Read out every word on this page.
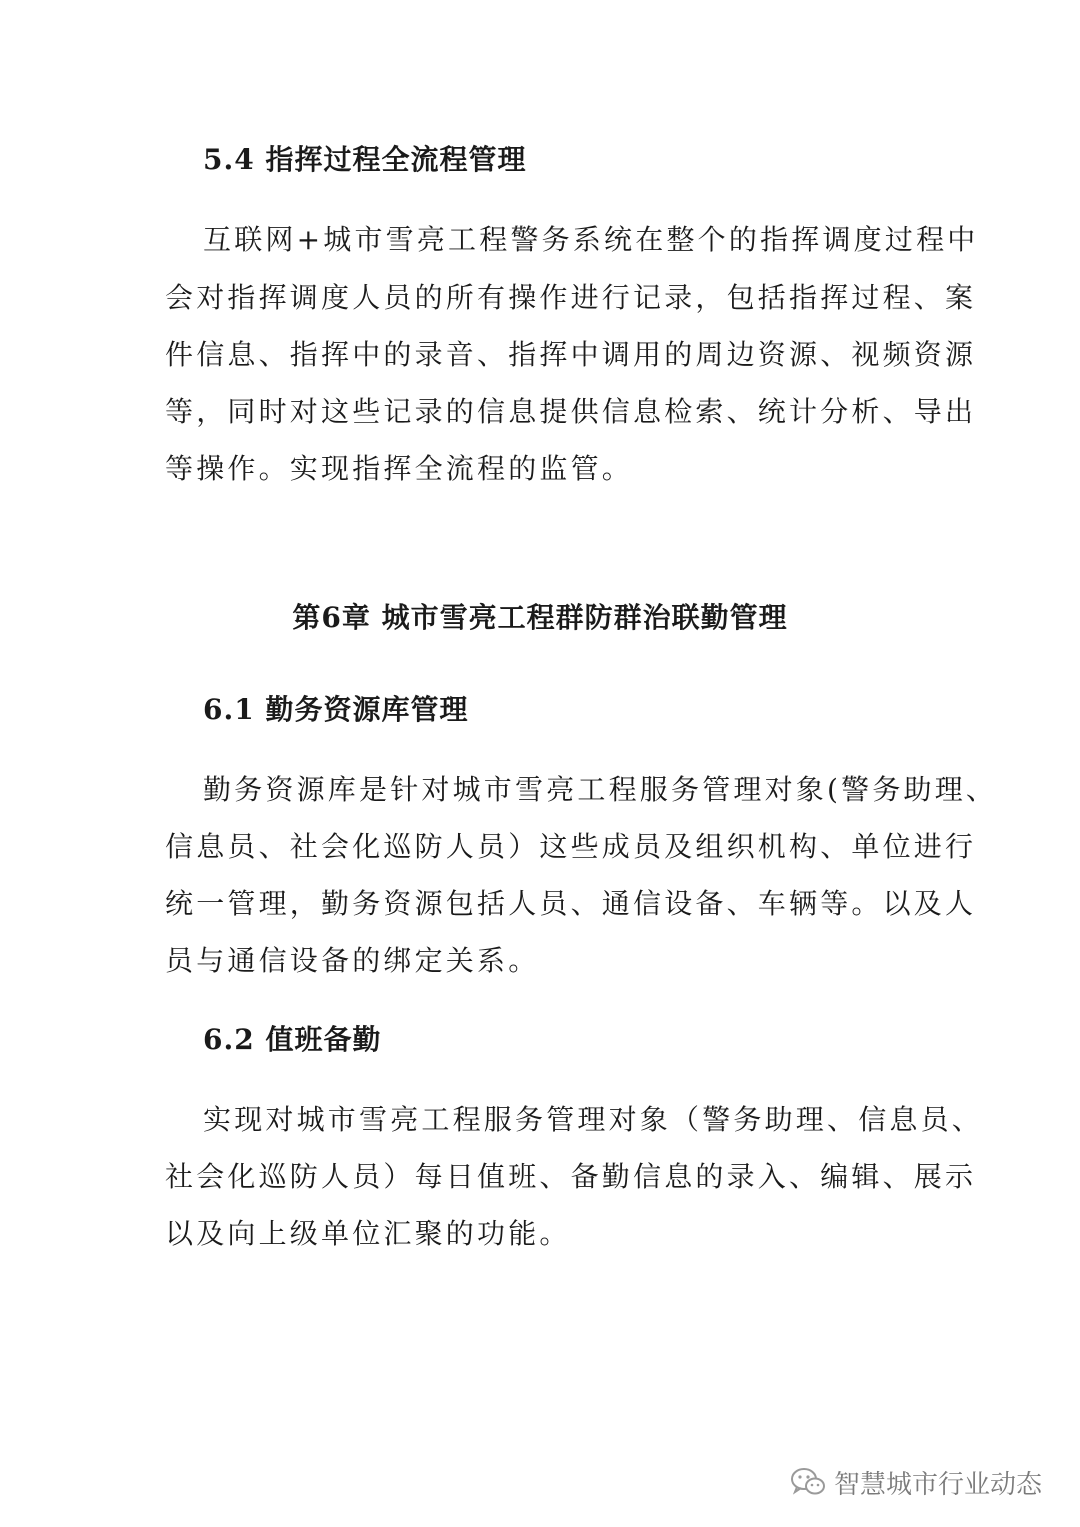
5.4 指挥过程全流程管理
互联网+城市雪亮工程警务系统在整个的指挥调度过程中
会对指挥调度人员的所有操作进行记录，包括指挥过程、案
件信息、指挥中的录音、指挥中调用的周边资源、视频资源
等，同时对这些记录的信息提供信息检索、统计分析、导出
等操作。实现指挥全流程的监管。
第6章 城市雪亮工程群防群治联勤管理
6.1 勤务资源库管理
勤务资源库是针对城市雪亮工程服务管理对象(警务助理、
信息员、社会化巡防人员）这些成员及组织机构、单位进行
统一管理，勤务资源包括人员、通信设备、车辆等。以及人
员与通信设备的绑定关系。
6.2 值班备勤
实现对城市雪亮工程服务管理对象（警务助理、信息员、
社会化巡防人员）每日值班、备勤信息的录入、编辑、展示
以及向上级单位汇聚的功能。
智慧城市行业动态
